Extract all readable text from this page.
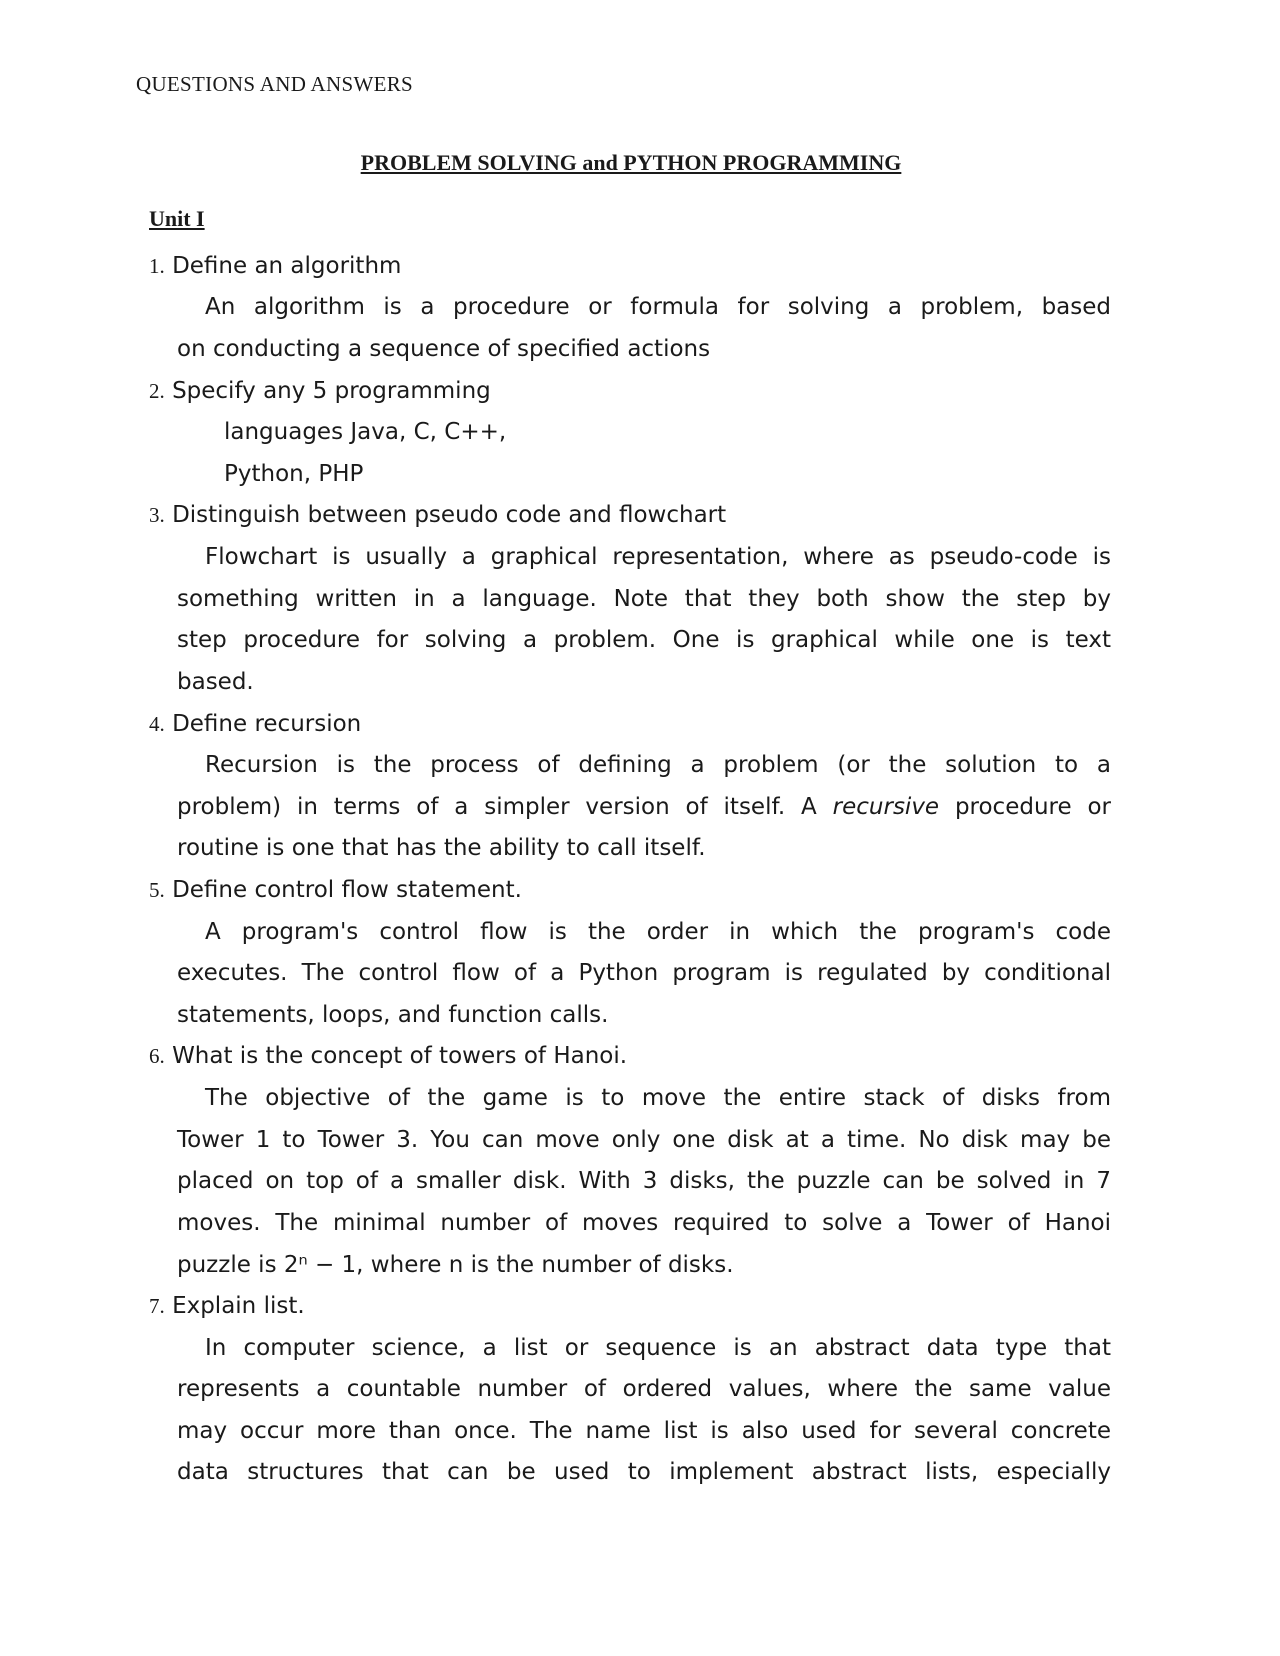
QUESTIONS AND ANSWERS
PROBLEM SOLVING and PYTHON PROGRAMMING
Unit I
1. Define an algorithm
An algorithm is a procedure or formula for solving a problem, based
on conducting a sequence of specified actions
2. Specify any 5 programming
languages Java, C, C++,
Python, PHP
3. Distinguish between pseudo code and flowchart
Flowchart is usually a graphical representation, where as pseudo-code is
something written in a language. Note that they both show the step by
step procedure for solving a problem. One is graphical while one is text
based.
4. Define recursion
Recursion is the process of defining a problem (or the solution to a
problem) in terms of a simpler version of itself. A recursive procedure or
routine is one that has the ability to call itself.
5. Define control flow statement.
A program's control flow is the order in which the program's code
executes. The control flow of a Python program is regulated by conditional
statements, loops, and function calls.
6. What is the concept of towers of Hanoi.
The objective of the game is to move the entire stack of disks from
Tower 1 to Tower 3. You can move only one disk at a time. No disk may be
placed on top of a smaller disk. With 3 disks, the puzzle can be solved in 7
moves. The minimal number of moves required to solve a Tower of Hanoi
puzzle is 2ⁿ − 1, where n is the number of disks.
7. Explain list.
In computer science, a list or sequence is an abstract data type that
represents a countable number of ordered values, where the same value
may occur more than once. The name list is also used for several concrete
data structures that can be used to implement abstract lists, especially
